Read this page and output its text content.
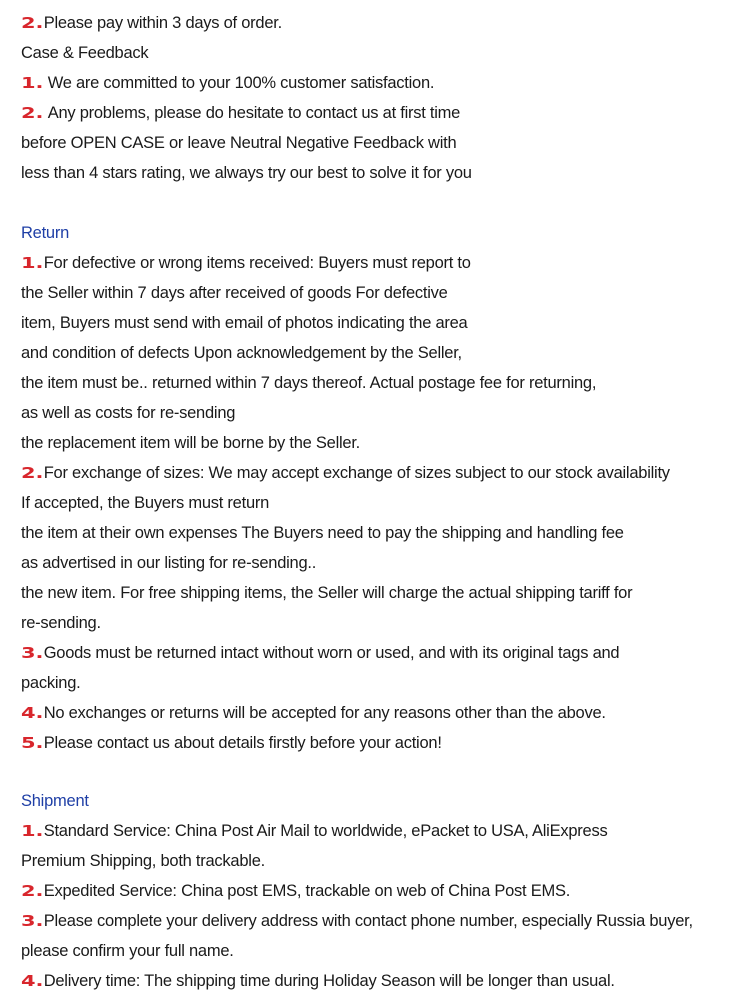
2.Please pay within 3 days of order.
Case & Feedback
1. We are committed to your 100% customer satisfaction.
2. Any problems, please do hesitate to contact us at first time
before OPEN CASE or leave Neutral Negative Feedback with
less than 4 stars rating, we always try our best to solve it for you
Return
1.For defective or wrong items received: Buyers must report to
the Seller within 7 days after received of goods For defective
item, Buyers must send with email of photos indicating the area
and condition of defects Upon acknowledgement by the Seller,
the item must be.. returned within 7 days thereof. Actual postage fee for returning,
as well as costs for re-sending
the replacement item will be borne by the Seller.
2.For exchange of sizes: We may accept exchange of sizes subject to our stock availability
If accepted, the Buyers must return
the item at their own expenses The Buyers need to pay the shipping and handling fee
as advertised in our listing for re-sending..
the new item. For free shipping items, the Seller will charge the actual shipping tariff for
re-sending.
3.Goods must be returned intact without worn or used, and with its original tags and
packing.
4.No exchanges or returns will be accepted for any reasons other than the above.
5.Please contact us about details firstly before your action!
Shipment
1.Standard Service: China Post Air Mail to worldwide, ePacket to USA, AliExpress
Premium Shipping, both trackable.
2.Expedited Service: China post EMS, trackable on web of China Post EMS.
3.Please complete your delivery address with contact phone number, especially Russia buyer,
please confirm your full name.
4.Delivery time: The shipping time during Holiday Season will be longer than usual.
